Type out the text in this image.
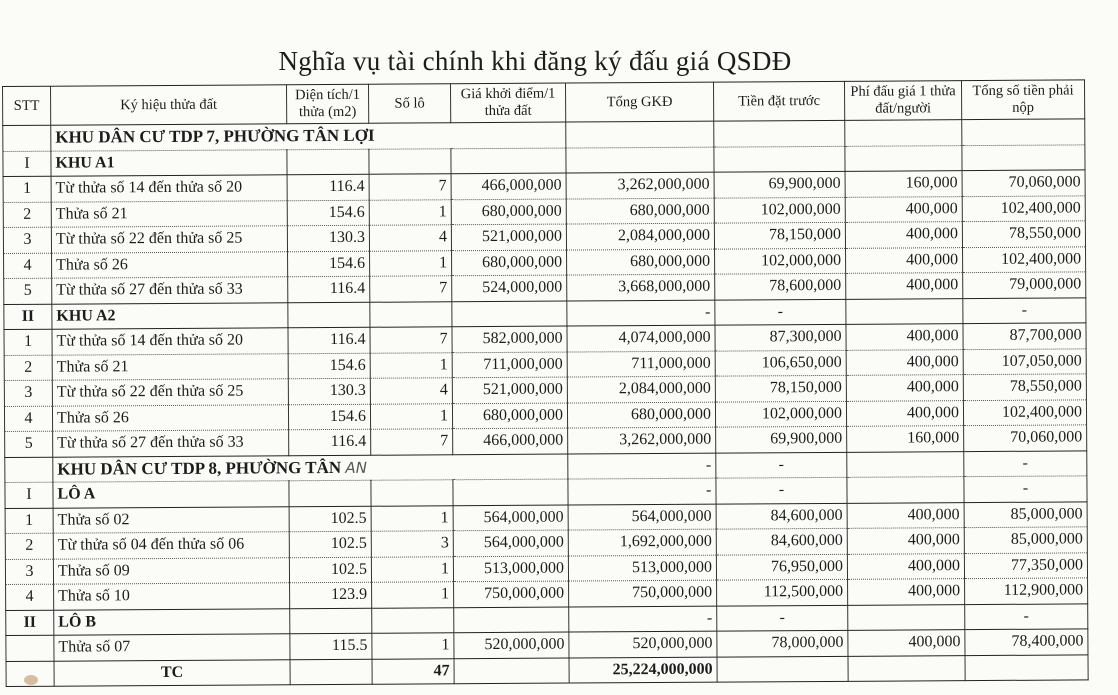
Nghĩa vụ tài chính khi đăng ký đấu giá QSDĐ
STT	Ký hiệu thửa đất	Diện tích/1 thửa (m2)	Số lô	Giá khởi điểm/1 thửa đất	Tổng GKĐ	Tiền đặt trước	Phí đấu giá 1 thửa đất/người	Tổng số tiền phải nộp
	KHU DÂN CƯ TDP 7, PHƯỜNG TÂN LỢI							
I	KHU A1							
1	Từ thửa số 14 đến thửa số 20	116.4	7	466,000,000	3,262,000,000	69,900,000	160,000	70,060,000
2	Thửa số 21	154.6	1	680,000,000	680,000,000	102,000,000	400,000	102,400,000
3	Từ thửa số 22 đến thửa số 25	130.3	4	521,000,000	2,084,000,000	78,150,000	400,000	78,550,000
4	Thửa số 26	154.6	1	680,000,000	680,000,000	102,000,000	400,000	102,400,000
5	Từ thửa số 27 đến thửa số 33	116.4	7	524,000,000	3,668,000,000	78,600,000	400,000	79,000,000
II	KHU A2				-	-		-
1	Từ thửa số 14 đến thửa số 20	116.4	7	582,000,000	4,074,000,000	87,300,000	400,000	87,700,000
2	Thửa số 21	154.6	1	711,000,000	711,000,000	106,650,000	400,000	107,050,000
3	Từ thửa số 22 đến thửa số 25	130.3	4	521,000,000	2,084,000,000	78,150,000	400,000	78,550,000
4	Thửa số 26	154.6	1	680,000,000	680,000,000	102,000,000	400,000	102,400,000
5	Từ thửa số 27 đến thửa số 33	116.4	7	466,000,000	3,262,000,000	69,900,000	160,000	70,060,000
	KHU DÂN CƯ TDP 8, PHƯỜNG TÂN AN				-	-		-
I	LÔ A				-	-		-
1	Thửa số 02	102.5	1	564,000,000	564,000,000	84,600,000	400,000	85,000,000
2	Từ thửa số 04 đến thửa số 06	102.5	3	564,000,000	1,692,000,000	84,600,000	400,000	85,000,000
3	Thửa số 09	102.5	1	513,000,000	513,000,000	76,950,000	400,000	77,350,000
4	Thửa số 10	123.9	1	750,000,000	750,000,000	112,500,000	400,000	112,900,000
II	LÔ B				-	-		-
	Thửa số 07	115.5	1	520,000,000	520,000,000	78,000,000	400,000	78,400,000
	TC		47		25,224,000,000			
